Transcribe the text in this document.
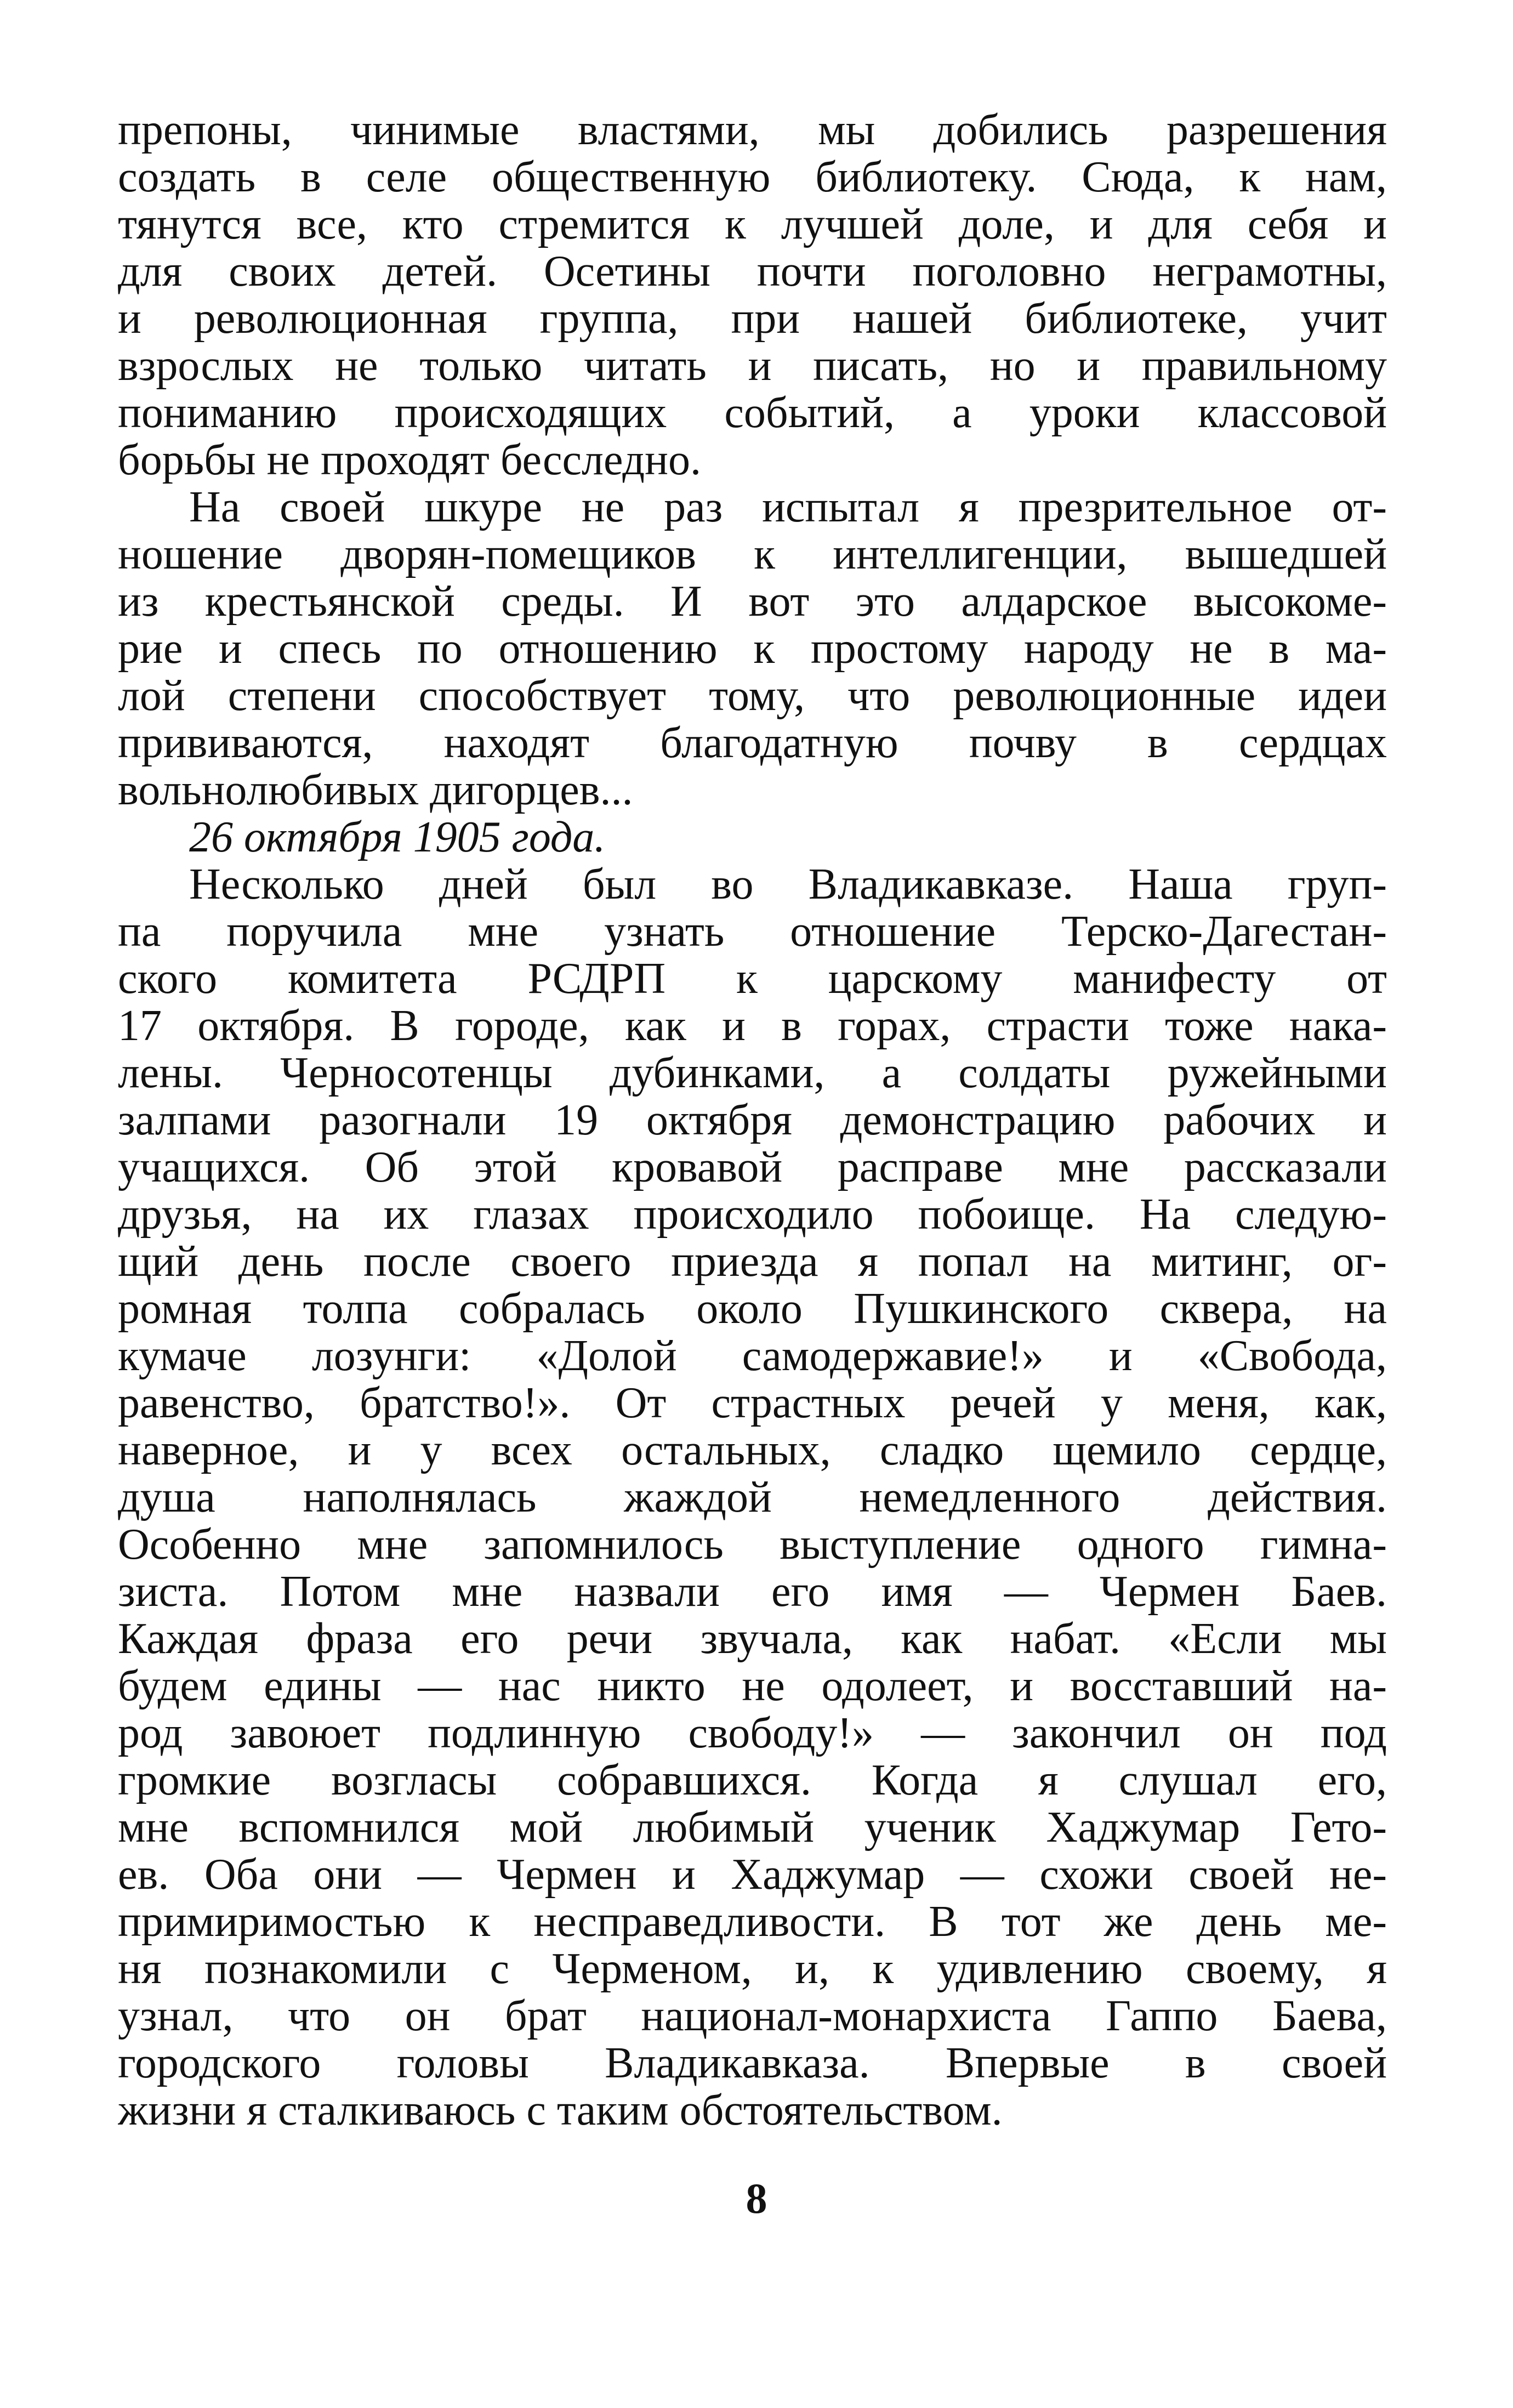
препоны, чинимые властями, мы добились разрешения
создать в селе общественную библиотеку. Сюда, к нам,
тянутся все, кто стремится к лучшей доле, и для себя и
для своих детей. Осетины почти поголовно неграмотны,
и революционная группа, при нашей библиотеке, учит
взрослых не только читать и писать, но и правильному
пониманию происходящих событий, а уроки классовой
борьбы не проходят бесследно.
На своей шкуре не раз испытал я презрительное от-
ношение дворян-помещиков к интеллигенции, вышедшей
из крестьянской среды. И вот это алдарское высокоме-
рие и спесь по отношению к простому народу не в ма-
лой степени способствует тому, что революционные идеи
прививаются, находят благодатную почву в сердцах
вольнолюбивых дигорцев...
26 октября 1905 года.
Несколько дней был во Владикавказе. Наша груп-
па поручила мне узнать отношение Терско-Дагестан-
ского комитета РСДРП к царскому манифесту от
17 октября. В городе, как и в горах, страсти тоже нака-
лены. Черносотенцы дубинками, а солдаты ружейными
залпами разогнали 19 октября демонстрацию рабочих и
учащихся. Об этой кровавой расправе мне рассказали
друзья, на их глазах происходило побоище. На следую-
щий день после своего приезда я попал на митинг, ог-
ромная толпа собралась около Пушкинского сквера, на
кумаче лозунги: «Долой самодержавие!» и «Свобода,
равенство, братство!». От страстных речей у меня, как,
наверное, и у всех остальных, сладко щемило сердце,
душа наполнялась жаждой немедленного действия.
Особенно мне запомнилось выступление одного гимна-
зиста. Потом мне назвали его имя — Чермен Баев.
Каждая фраза его речи звучала, как набат. «Если мы
будем едины — нас никто не одолеет, и восставший на-
род завоюет подлинную свободу!» — закончил он под
громкие возгласы собравшихся. Когда я слушал его,
мне вспомнился мой любимый ученик Хаджумар Гето-
ев. Оба они — Чермен и Хаджумар — схожи своей не-
примиримостью к несправедливости. В тот же день ме-
ня познакомили с Черменом, и, к удивлению своему, я
узнал, что он брат национал-монархиста Гаппо Баева,
городского головы Владикавказа. Впервые в своей
жизни я сталкиваюсь с таким обстоятельством.
8
